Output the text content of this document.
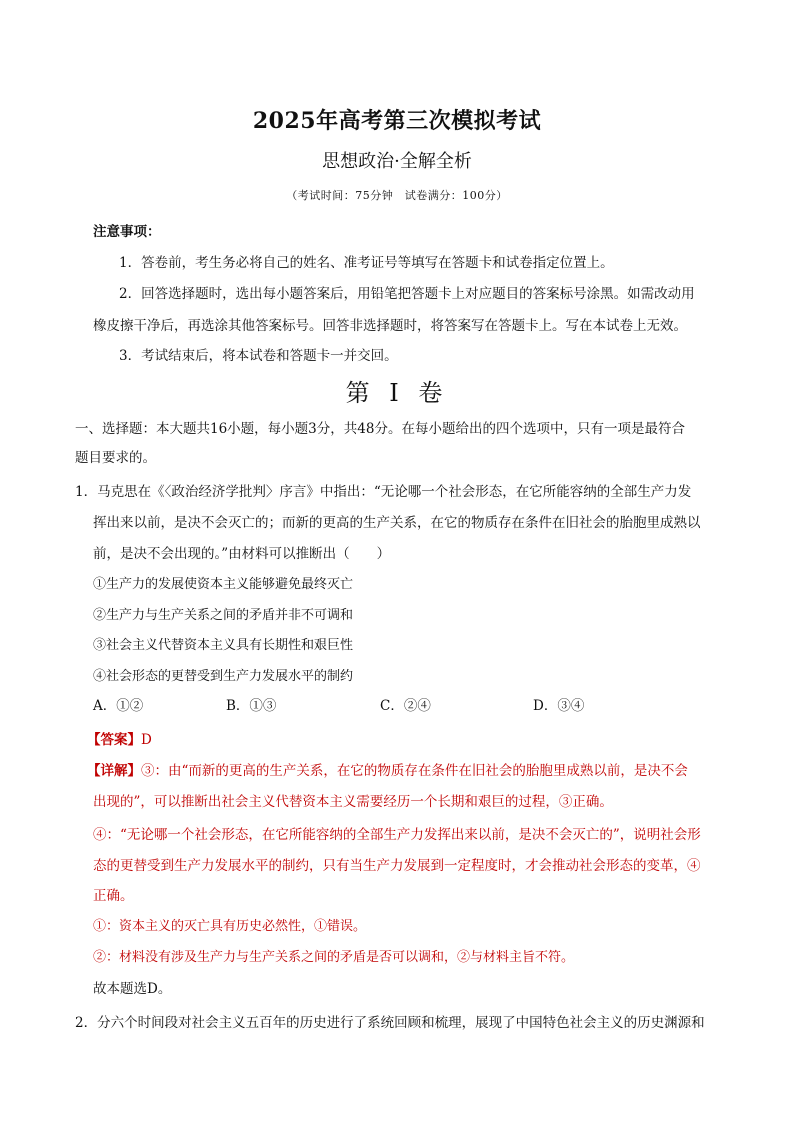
2025年高考第三次模拟考试
思想政治·全解全析
（考试时间：75分钟　试卷满分：100分）
注意事项：
1．答卷前，考生务必将自己的姓名、准考证号等填写在答题卡和试卷指定位置上。
2．回答选择题时，选出每小题答案后，用铅笔把答题卡上对应题目的答案标号涂黑。如需改动用
橡皮擦干净后，再选涂其他答案标号。回答非选择题时，将答案写在答题卡上。写在本试卷上无效。
3．考试结束后，将本试卷和答题卡一并交回。
第 I 卷
一、选择题：本大题共16小题，每小题3分，共48分。在每小题给出的四个选项中，只有一项是最符合
题目要求的。
1．马克思在《〈政治经济学批判〉序言》中指出：“无论哪一个社会形态，在它所能容纳的全部生产力发
挥出来以前，是决不会灭亡的；而新的更高的生产关系，在它的物质存在条件在旧社会的胎胞里成熟以
前，是决不会出现的。”由材料可以推断出（　　）
①生产力的发展使资本主义能够避免最终灭亡
②生产力与生产关系之间的矛盾并非不可调和
③社会主义代替资本主义具有长期性和艰巨性
④社会形态的更替受到生产力发展水平的制约
A．①②	B．①③	C．②④	D．③④
【答案】D
【详解】③：由“而新的更高的生产关系，在它的物质存在条件在旧社会的胎胞里成熟以前，是决不会
出现的”，可以推断出社会主义代替资本主义需要经历一个长期和艰巨的过程，③正确。
④：“无论哪一个社会形态，在它所能容纳的全部生产力发挥出来以前，是决不会灭亡的”，说明社会形
态的更替受到生产力发展水平的制约，只有当生产力发展到一定程度时，才会推动社会形态的变革，④
正确。
①：资本主义的灭亡具有历史必然性，①错误。
②：材料没有涉及生产力与生产关系之间的矛盾是否可以调和，②与材料主旨不符。
故本题选D。
2．分六个时间段对社会主义五百年的历史进行了系统回顾和梳理，展现了中国特色社会主义的历史渊源和
